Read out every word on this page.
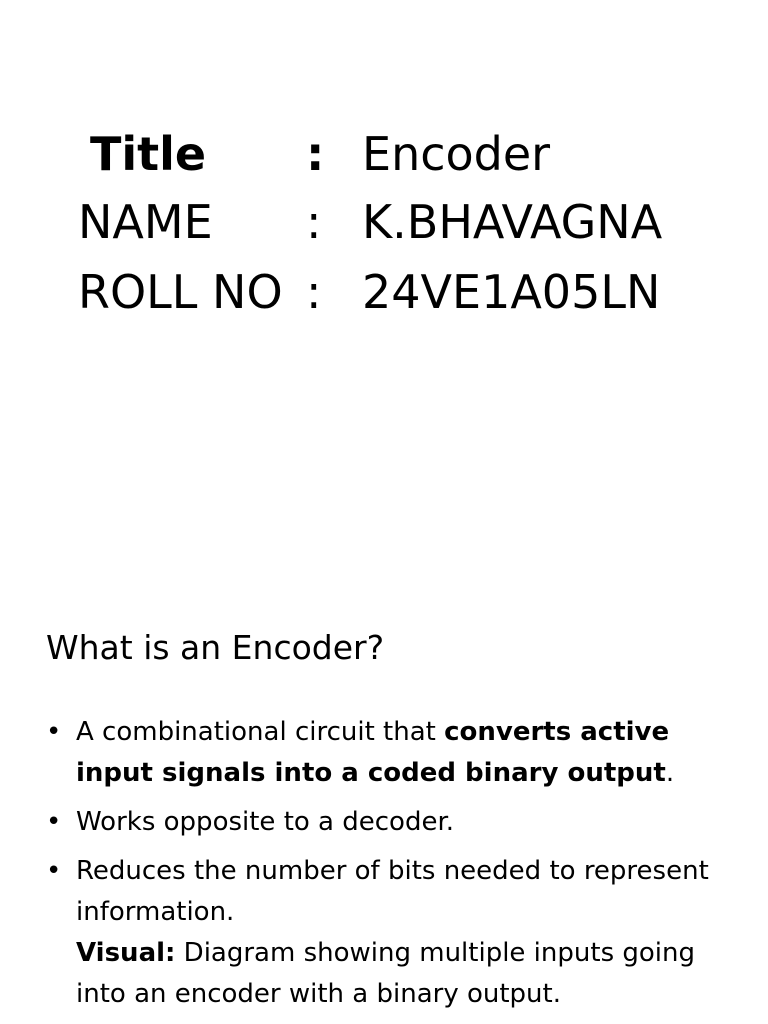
Title : Encoder
NAME : K.BHAVAGNA
ROLL NO : 24VE1A05LN
What is an Encoder?
• A combinational circuit that converts active input signals into a coded binary output.
• Works opposite to a decoder.
• Reduces the number of bits needed to represent information.
Visual: Diagram showing multiple inputs going into an encoder with a binary output.
